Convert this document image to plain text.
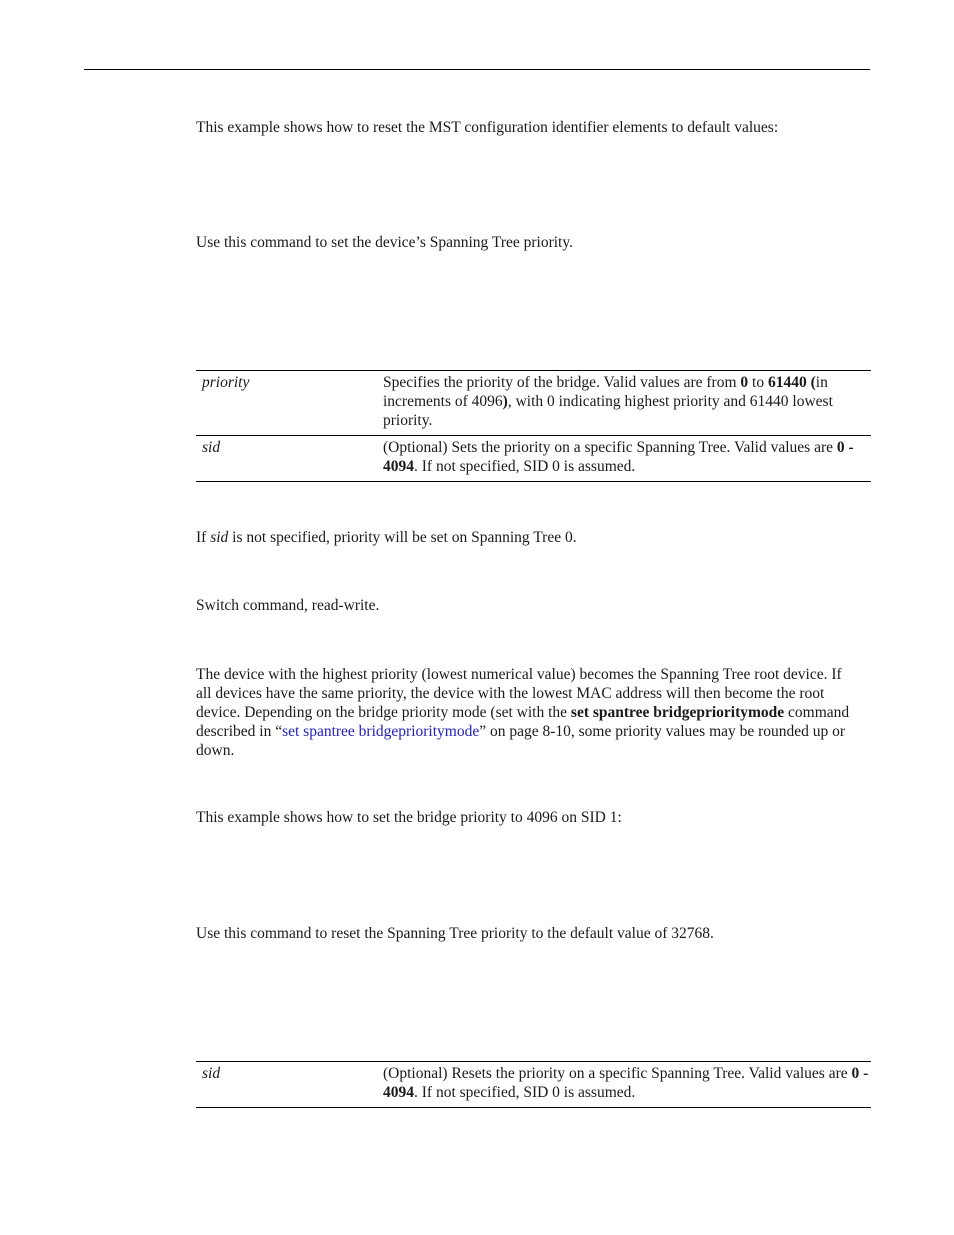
This example shows how to reset the MST configuration identifier elements to default values:

Use this command to set the device’s Spanning Tree priority.

priority	Specifies the priority of the bridge. Valid values are from 0 to 61440 (in increments of 4096), with 0 indicating highest priority and 61440 lowest priority.
sid	(Optional) Sets the priority on a specific Spanning Tree. Valid values are 0 - 4094. If not specified, SID 0 is assumed.

If sid is not specified, priority will be set on Spanning Tree 0.

Switch command, read-write.

The device with the highest priority (lowest numerical value) becomes the Spanning Tree root device. If all devices have the same priority, the device with the lowest MAC address will then become the root device. Depending on the bridge priority mode (set with the set spantree bridgeprioritymode command described in “set spantree bridgeprioritymode” on page 8-10, some priority values may be rounded up or down.

This example shows how to set the bridge priority to 4096 on SID 1:

Use this command to reset the Spanning Tree priority to the default value of 32768.

sid	(Optional) Resets the priority on a specific Spanning Tree. Valid values are 0 - 4094. If not specified, SID 0 is assumed.
